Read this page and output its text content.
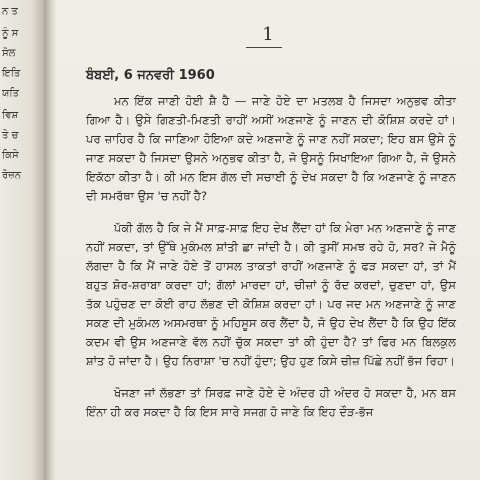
ਨ ਤ
ਨੂੰ ਸ
ਸੋਲ
ਇਤਿ
ਯਤਿ
ਵਿਸ਼
ਤੇ ਚ
ਕਿਸੇ
ਰੋਜ਼ਨ
1
ਬੰਬਈ, 6 ਜਨਵਰੀ 1960

ਮਨ ਇੱਕ ਜਾਣੀ ਹੋਈ ਸ਼ੈ ਹੈ — ਜਾਣੇ ਹੋਏ ਦਾ ਮਤਲਬ ਹੈ ਜਿਸਦਾ ਅਨੁਭਵ ਕੀਤਾ ਗਿਆ ਹੈ। ਉਸੇ ਗਿਣਤੀ-ਮਿਣਤੀ ਰਾਹੀਂ ਅਸੀਂ ਅਣਜਾਣੇ ਨੂੰ ਜਾਣਨ ਦੀ ਕੋਸ਼ਿਸ਼ ਕਰਦੇ ਹਾਂ। ਪਰ ਜ਼ਾਹਿਰ ਹੈ ਕਿ ਜਾਣਿਆ ਹੋਇਆ ਕਦੇ ਅਣਜਾਣੇ ਨੂੰ ਜਾਣ ਨਹੀਂ ਸਕਦਾ; ਇਹ ਬਸ ਉਸੇ ਨੂੰ ਜਾਣ ਸਕਦਾ ਹੈ ਜਿਸਦਾ ਉਸਨੇ ਅਨੁਭਵ ਕੀਤਾ ਹੈ, ਜੋ ਉਸਨੂੰ ਸਿਖਾਇਆ ਗਿਆ ਹੈ, ਜੋ ਉਸਨੇ ਇਕੱਠਾ ਕੀਤਾ ਹੈ। ਕੀ ਮਨ ਇਸ ਗੱਲ ਦੀ ਸਚਾਈ ਨੂੰ ਦੇਖ ਸਕਦਾ ਹੈ ਕਿ ਅਣਜਾਣੇ ਨੂੰ ਜਾਣਨ ਦੀ ਸਮਰੱਥਾ ਉਸ 'ਚ ਨਹੀਂ ਹੈ?

ਪੱਕੀ ਗੱਲ ਹੈ ਕਿ ਜੇ ਮੈਂ ਸਾਫ਼-ਸਾਫ਼ ਇਹ ਦੇਖ ਲੈਂਦਾ ਹਾਂ ਕਿ ਮੇਰਾ ਮਨ ਅਣਜਾਣੇ ਨੂੰ ਜਾਣ ਨਹੀਂ ਸਕਦਾ, ਤਾਂ ਉੱਥੇ ਮੁਕੰਮਲ ਸ਼ਾਂਤੀ ਛਾ ਜਾਂਦੀ ਹੈ। ਕੀ ਤੁਸੀਂ ਸਮਝ ਰਹੇ ਹੋ, ਸਰ? ਜੇ ਮੈਨੂੰ ਲੱਗਦਾ ਹੈ ਕਿ ਮੈਂ ਜਾਣੇ ਹੋਏ ਤੋਂ ਹਾਸਲ ਤਾਕਤਾਂ ਰਾਹੀਂ ਅਣਜਾਣੇ ਨੂੰ ਫੜ ਸਕਦਾ ਹਾਂ, ਤਾਂ ਮੈਂ ਬਹੁਤ ਸ਼ੋਰ-ਸ਼ਰਾਬਾ ਕਰਦਾ ਹਾਂ; ਗੱਲਾਂ ਮਾਰਦਾ ਹਾਂ, ਚੀਜ਼ਾਂ ਨੂੰ ਰੱਦ ਕਰਦਾਂ, ਚੁਣਦਾ ਹਾਂ, ਉਸ ਤੱਕ ਪਹੁੰਚਣ ਦਾ ਕੋਈ ਰਾਹ ਲੱਭਣ ਦੀ ਕੋਸ਼ਿਸ਼ ਕਰਦਾ ਹਾਂ। ਪਰ ਜਦ ਮਨ ਅਣਜਾਣੇ ਨੂੰ ਜਾਣ ਸਕਣ ਦੀ ਮੁਕੰਮਲ ਅਸਮਰਥਾ ਨੂੰ ਮਹਿਸੂਸ ਕਰ ਲੈਂਦਾ ਹੈ, ਜੋ ਉਹ ਦੇਖ ਲੈਂਦਾ ਹੈ ਕਿ ਉਹ ਇੱਕ ਕਦਮ ਵੀ ਉਸ ਅਣਜਾਣੇ ਵੱਲ ਨਹੀਂ ਚੁੱਕ ਸਕਦਾ ਤਾਂ ਕੀ ਹੁੰਦਾ ਹੈ? ਤਾਂ ਫਿਰ ਮਨ ਬਿਲਕੁਲ ਸ਼ਾਂਤ ਹੋ ਜਾਂਦਾ ਹੈ। ਉਹ ਨਿਰਾਸ਼ਾ 'ਚ ਨਹੀਂ ਹੁੰਦਾ; ਉਹ ਹੁਣ ਕਿਸੇ ਚੀਜ਼ ਪਿੱਛੇ ਨਹੀਂ ਭੱਜ ਰਿਹਾ।

ਖੋਜਣਾ ਜਾਂ ਲੱਭਣਾ ਤਾਂ ਸਿਰਫ਼ ਜਾਣੇ ਹੋਏ ਦੇ ਅੰਦਰ ਹੀ ਅੰਦਰ ਹੋ ਸਕਦਾ ਹੈ, ਮਨ ਬਸ ਇੰਨਾ ਹੀ ਕਰ ਸਕਦਾ ਹੈ ਕਿ ਇਸ ਸਾਰੇ ਸਜਗ ਹੋ ਜਾਣੇ ਕਿ ਇਹ ਦੌੜ-ਭੱਜ
